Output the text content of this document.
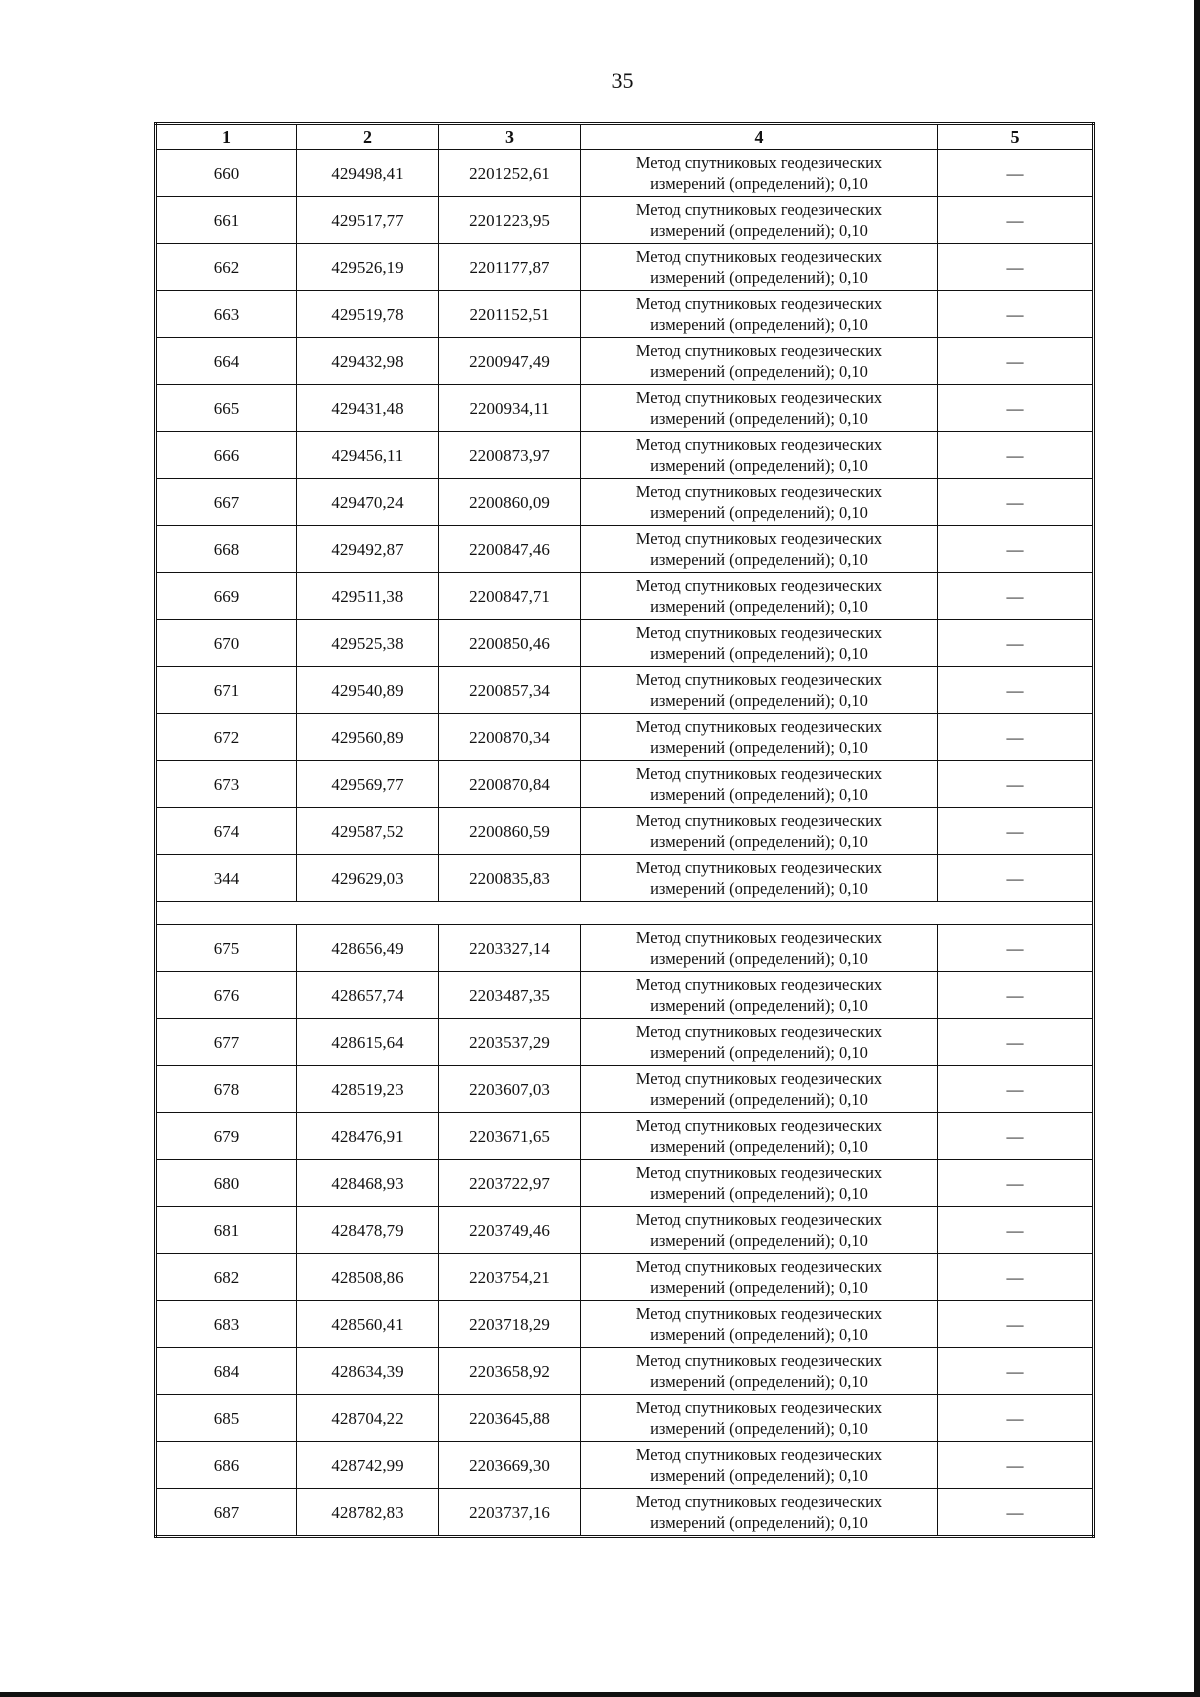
35
1	2	3	4	5
660	429498,41	2201252,61	Метод спутниковых геодезических
измерений (определений); 0,10	—
661	429517,77	2201223,95	Метод спутниковых геодезических
измерений (определений); 0,10	—
662	429526,19	2201177,87	Метод спутниковых геодезических
измерений (определений); 0,10	—
663	429519,78	2201152,51	Метод спутниковых геодезических
измерений (определений); 0,10	—
664	429432,98	2200947,49	Метод спутниковых геодезических
измерений (определений); 0,10	—
665	429431,48	2200934,11	Метод спутниковых геодезических
измерений (определений); 0,10	—
666	429456,11	2200873,97	Метод спутниковых геодезических
измерений (определений); 0,10	—
667	429470,24	2200860,09	Метод спутниковых геодезических
измерений (определений); 0,10	—
668	429492,87	2200847,46	Метод спутниковых геодезических
измерений (определений); 0,10	—
669	429511,38	2200847,71	Метод спутниковых геодезических
измерений (определений); 0,10	—
670	429525,38	2200850,46	Метод спутниковых геодезических
измерений (определений); 0,10	—
671	429540,89	2200857,34	Метод спутниковых геодезических
измерений (определений); 0,10	—
672	429560,89	2200870,34	Метод спутниковых геодезических
измерений (определений); 0,10	—
673	429569,77	2200870,84	Метод спутниковых геодезических
измерений (определений); 0,10	—
674	429587,52	2200860,59	Метод спутниковых геодезических
измерений (определений); 0,10	—
344	429629,03	2200835,83	Метод спутниковых геодезических
измерений (определений); 0,10	—

675	428656,49	2203327,14	Метод спутниковых геодезических
измерений (определений); 0,10	—
676	428657,74	2203487,35	Метод спутниковых геодезических
измерений (определений); 0,10	—
677	428615,64	2203537,29	Метод спутниковых геодезических
измерений (определений); 0,10	—
678	428519,23	2203607,03	Метод спутниковых геодезических
измерений (определений); 0,10	—
679	428476,91	2203671,65	Метод спутниковых геодезических
измерений (определений); 0,10	—
680	428468,93	2203722,97	Метод спутниковых геодезических
измерений (определений); 0,10	—
681	428478,79	2203749,46	Метод спутниковых геодезических
измерений (определений); 0,10	—
682	428508,86	2203754,21	Метод спутниковых геодезических
измерений (определений); 0,10	—
683	428560,41	2203718,29	Метод спутниковых геодезических
измерений (определений); 0,10	—
684	428634,39	2203658,92	Метод спутниковых геодезических
измерений (определений); 0,10	—
685	428704,22	2203645,88	Метод спутниковых геодезических
измерений (определений); 0,10	—
686	428742,99	2203669,30	Метод спутниковых геодезических
измерений (определений); 0,10	—
687	428782,83	2203737,16	Метод спутниковых геодезических
измерений (определений); 0,10	—
